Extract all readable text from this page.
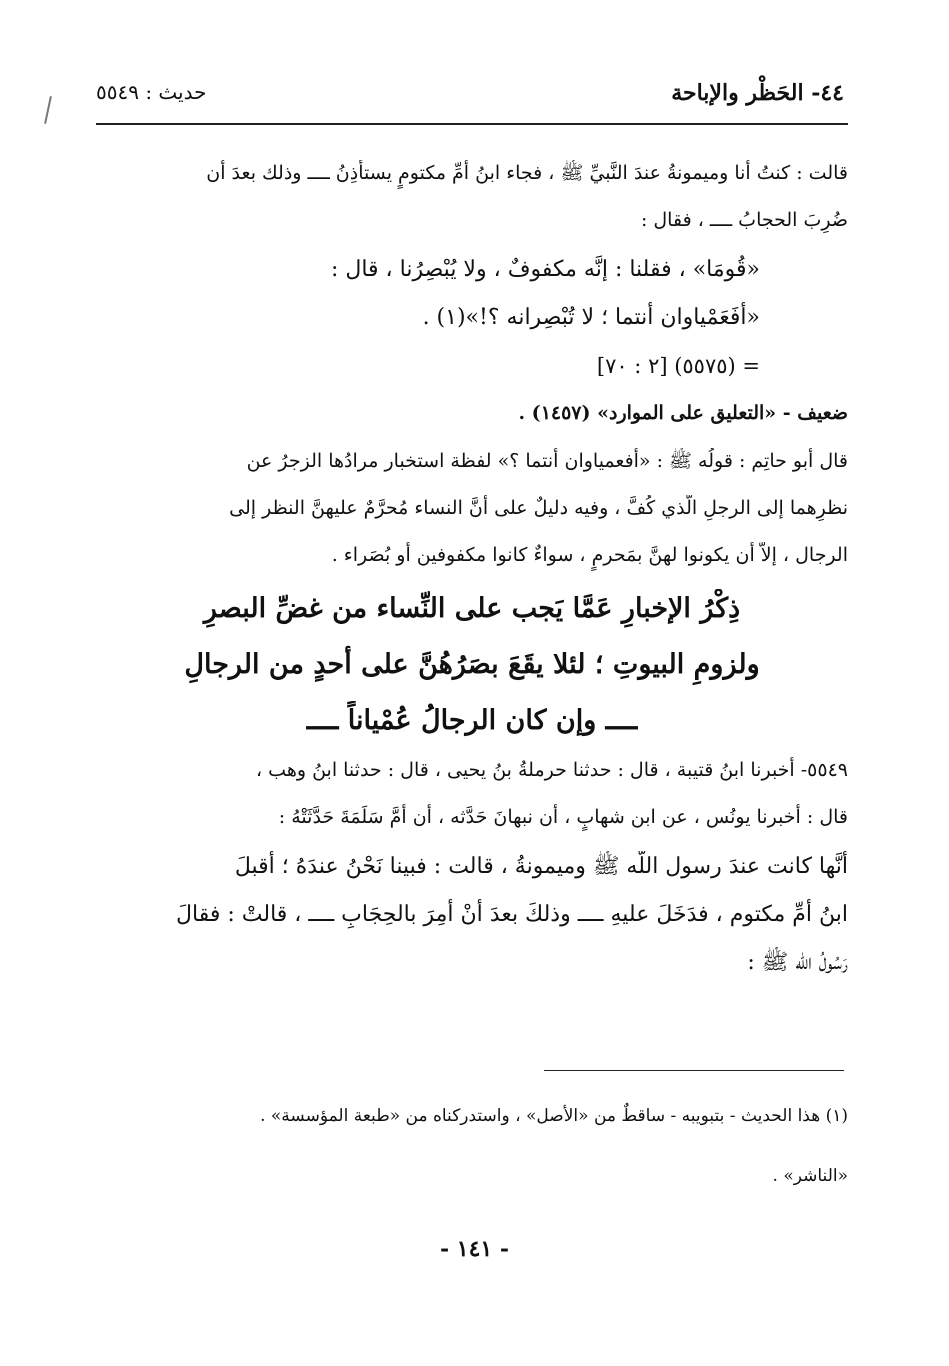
٤٤- الحَظْر والإباحة
حديث : ٥٥٤٩

قالت : كنتُ أنا وميمونةُ عندَ النَّبيِّ ﷺ ، فجاء ابنُ أمِّ مكتومٍ يستأذِنُ ــــ وذلك بعدَ أن

ضُرِبَ الحجابُ ــــ ، فقال :

«قُومَا» ، فقلنا : إنَّه مكفوفٌ ، ولا يُبْصِرُنا ، قال :

«أفَعَمْياوان أنتما ؛ لا تُبْصِرانه ؟!»(١) .

= (٥٥٧٥) [٢ : ٧٠]

ضعيف - «التعليق على الموارد» (١٤٥٧) .

قال أبو حاتِم : قولُه ﷺ : «أفعمياوان أنتما ؟» لفظة استخبار مرادُها الزجرُ عن

نظرِهما إلى الرجلِ الَّذي كُفَّ ، وفيه دليلٌ على أنَّ النساء مُحرَّمٌ عليهنَّ النظر إلى

الرجال ، إلاَّ أن يكونوا لهنَّ بمَحرمٍ ، سواءٌ كانوا مكفوفين أو بُصَراء .

ذِكْرُ الإخبارِ عَمَّا يَجب على النِّساء من غضِّ البصرِ

ولزومِ البيوتِ ؛ لئلا يقَعَ بصَرُهُنَّ على أحدٍ من الرجالِ

ــــ وإن كان الرجالُ عُمْياناً ــــ

٥٥٤٩- أخبرنا ابنُ قتيبة ، قال : حدثنا حرملةُ بنُ يحيى ، قال : حدثنا ابنُ وهب ،

قال : أخبرنا يونُس ، عن ابن شهابٍ ، أن نبهانَ حَدَّثه ، أن أمَّ سَلَمَةَ حَدَّثَتْهُ :

أنَّها كانت عندَ رسول اللّه ﷺ وميمونةُ ، قالت : فبينا نَحْنُ عندَهُ ؛ أقبلَ

ابنُ أُمِّ مكتوم ، فدَخَلَ عليهِ ــــ وذلكَ بعدَ أنْ أُمِرَ بالحِجَابِ ــــ ، قالتْ : فقالَ

رَسُولُ اللّه ﷺ :

(١) هذا الحديث - بتبويبه - ساقطٌ من «الأصل» ، واستدركناه من «طبعة المؤسسة» .

«الناشر» .

- ١٤١ -
